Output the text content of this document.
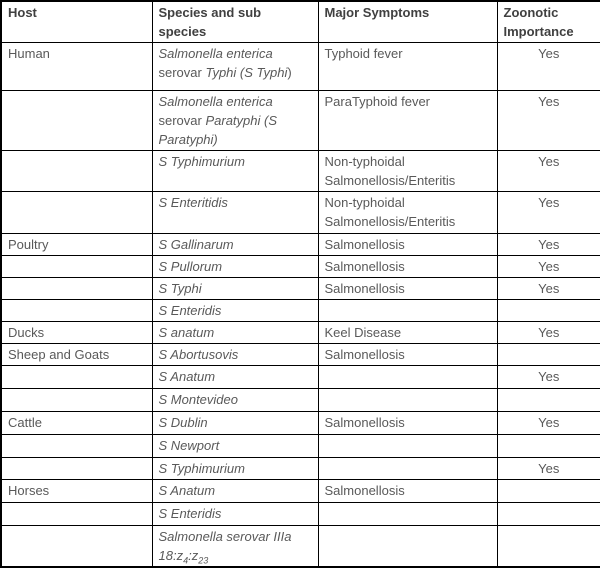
Host	Species and sub species	Major Symptoms	Zoonotic Importance
Human	Salmonella enterica serovar Typhi (S Typhi)	Typhoid fever	Yes
	Salmonella enterica serovar Paratyphi (S Paratyphi)	ParaTyphoid fever	Yes
	S Typhimurium	Non-typhoidal Salmonellosis/Enteritis	Yes
	S Enteritidis	Non-typhoidal Salmonellosis/Enteritis	Yes
Poultry	S Gallinarum	Salmonellosis	Yes
	S Pullorum	Salmonellosis	Yes
	S Typhi	Salmonellosis	Yes
	S Enteridis		
Ducks	S anatum	Keel Disease	Yes
Sheep and Goats	S Abortusovis	Salmonellosis	
	S Anatum		Yes
	S Montevideo		
Cattle	S Dublin	Salmonellosis	Yes
	S Newport		
	S Typhimurium		Yes
Horses	S Anatum	Salmonellosis	
	S Enteridis		
	Salmonella serovar IIIa $18:z_4:z_{23}$		
